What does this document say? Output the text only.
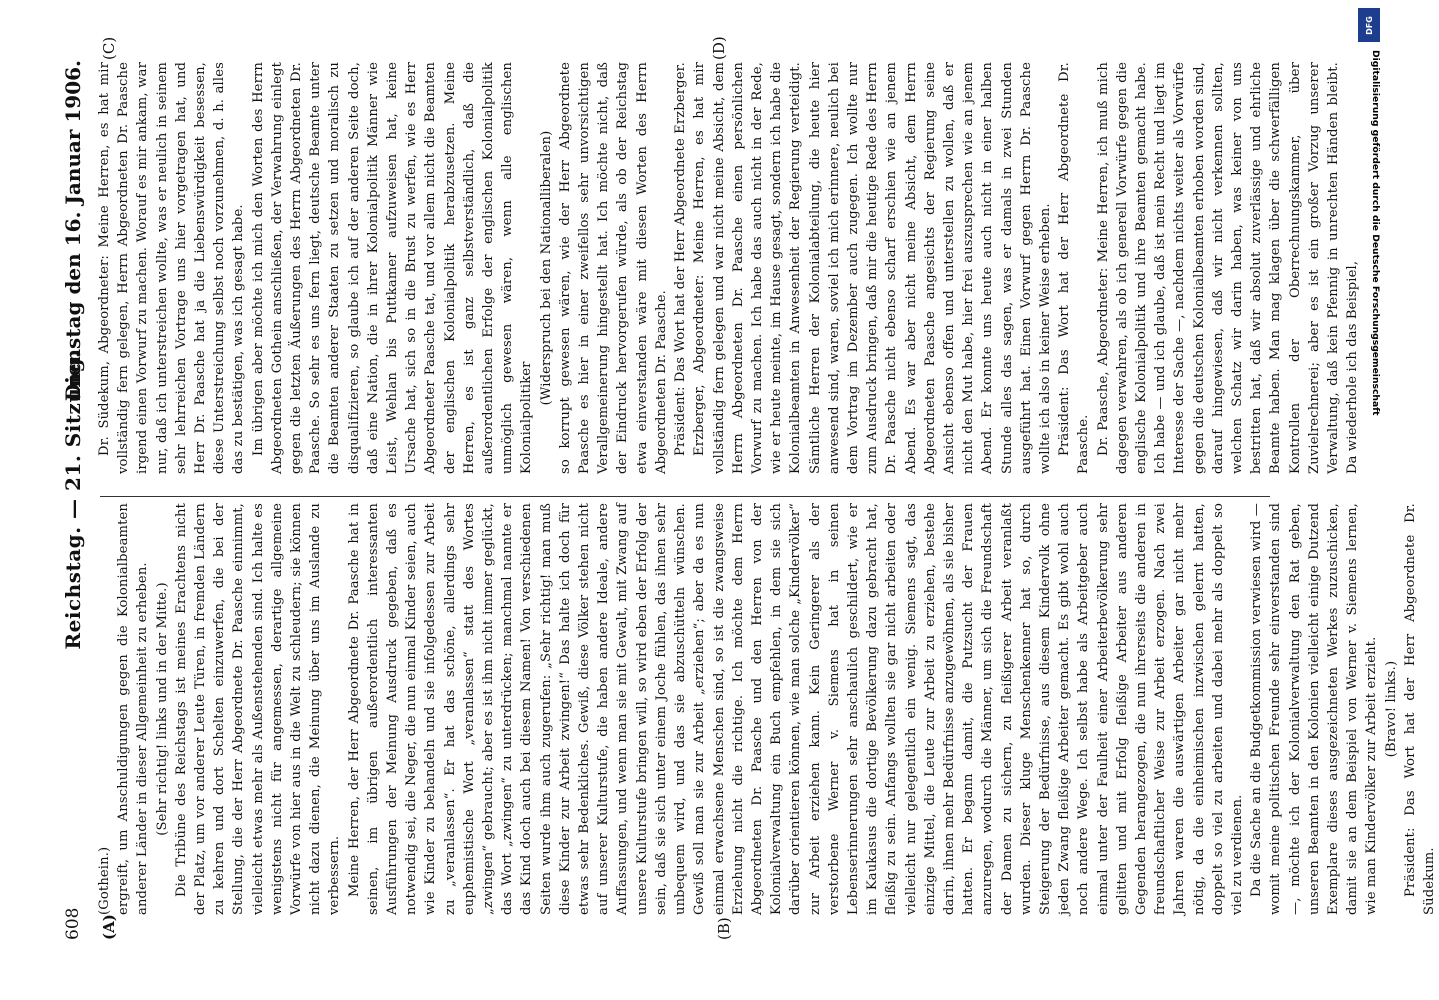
608
Reichstag. — 21. Sitzung.
Dienstag den 16. Januar 1906.
(A)	(B)
(C)	(D)

(Gothein.) ergreift, um Anschuldigungen gegen die Kolonialbeamten anderer Länder in dieser Allgemeinheit zu erheben. (Sehr richtig! links und in der Mitte.) Die Tribüne des Reichstags ist meines Erachtens nicht der Platz, um vor anderer Leute Türen, in fremden Ländern zu kehren und dort Schelten einzuwerfen, die bei der Stellung, die der Herr Abgeordnete Dr. Paasche einnimmt, vielleicht etwas mehr als Außenstehenden sind. Ich halte es wenigstens nicht für angemessen, derartige allgemeine Vorwürfe von hier aus in die Welt zu schleudern; sie können nicht dazu dienen, die Meinung über uns im Auslande zu verbessern. Meine Herren, der Herr Abgeordnete Dr. Paasche hat in seinen, im übrigen außerordentlich interessanten Ausführungen der Meinung Ausdruck gegeben, daß es notwendig sei, die Neger, die nun einmal Kinder seien, auch wie Kinder zu behandeln und sie infolgedessen zur Arbeit zu „veranlassen“. Er hat das schöne, allerdings sehr euphemistische Wort „veranlassen“ statt des Wortes „zwingen“ gebraucht; aber es ist ihm nicht immer geglückt, das Wort „zwingen“ zu unterdrücken; manchmal nannte er das Kind doch auch bei diesem Namen! Von verschiedenen Seiten wurde ihm auch zugerufen: „Sehr richtig! man muß diese Kinder zur Arbeit zwingen!“ Das halte ich doch für etwas sehr Bedenkliches. Gewiß, diese Völker stehen nicht auf unserer Kulturstufe, die haben andere Ideale, andere Auffassungen, und wenn man sie mit Gewalt, mit Zwang auf unsere Kulturstufe bringen will, so wird eben der Erfolg der sein, daß sie sich unter einem Joche fühlen, das ihnen sehr unbequem wird, und das sie abzuschütteln wünschen. Gewiß soll man sie zur Arbeit „erziehen“; aber da es nun einmal erwachsene Menschen sind, so ist die zwangsweise Erziehung nicht die richtige. Ich möchte dem Herrn Abgeordneten Dr. Paasche und den Herren von der Kolonialverwaltung ein Buch empfehlen, in dem sie sich darüber orientieren können, wie man solche „Kindervölker“ zur Arbeit erziehen kann. Kein Geringerer als der verstorbene Werner v. Siemens hat in seinen Lebenserinnerungen sehr anschaulich geschildert, wie er im Kaukasus die dortige Bevölkerung dazu gebracht hat, fleißig zu sein. Anfangs wollten sie gar nicht arbeiten oder vielleicht nur gelegentlich ein wenig. Siemens sagt, das einzige Mittel, die Leute zur Arbeit zu erziehen, bestehe darin, ihnen mehr Bedürfnisse anzugewöhnen, als sie bisher hatten. Er begann damit, die Putzsucht der Frauen anzuregen, wodurch die Männer, um sich die Freundschaft der Damen zu sichern, zu fleißigerer Arbeit veranlaßt wurden. Dieser kluge Menschenkenner hat so, durch Steigerung der Bedürfnisse, aus diesem Kindervolk ohne jeden Zwang fleißige Arbeiter gemacht. Es gibt wohl auch noch andere Wege. Ich selbst habe als Arbeitgeber auch einmal unter der Faulheit einer Arbeiterbevölkerung sehr gelitten und mit Erfolg fleißige Arbeiter aus anderen Gegenden herangezogen, die nun ihrerseits die anderen in freundschaftlicher Weise zur Arbeit erzogen. Nach zwei Jahren waren die auswärtigen Arbeiter gar nicht mehr nötig, da die einheimischen inzwischen gelernt hatten, doppelt so viel zu arbeiten und dabei mehr als doppelt so viel zu verdienen. Da die Sache an die Budgetkommission verwiesen wird — womit meine politischen Freunde sehr einverstanden sind —, möchte ich der Kolonialverwaltung den Rat geben, unseren Beamten in den Kolonien vielleicht einige Dutzend Exemplare dieses ausgezeichneten Werkes zuzuschicken, damit sie an dem Beispiel von Werner v. Siemens lernen, wie man Kindervölker zur Arbeit erzieht. (Bravo! links.) Präsident: Das Wort hat der Herr Abgeordnete Dr. Südekum.

Dr. Südekum, Abgeordneter: Meine Herren, es hat mir vollständig fern gelegen, Herrn Abgeordneten Dr. Paasche irgend einen Vorwurf zu machen. Worauf es mir ankam, war nur, daß ich unterstreichen wollte, was er neulich in seinem sehr lehrreichen Vortrage uns hier vorgetragen hat, und Herr Dr. Paasche hat ja die Liebenswürdigkeit besessen, diese Unterstreichung selbst noch vorzunehmen, d. h. alles das zu bestätigen, was ich gesagt habe. Im übrigen aber möchte ich mich den Worten des Herrn Abgeordneten Gothein anschließen, der Verwahrung einlegt gegen die letzten Äußerungen des Herrn Abgeordneten Dr. Paasche. So sehr es uns fern liegt, deutsche Beamte unter die Beamten anderer Staaten zu setzen und moralisch zu disqualifizieren, so glaube ich auf der anderen Seite doch, daß eine Nation, die in ihrer Kolonialpolitik Männer wie Leist, Wehlan bis Puttkamer aufzuweisen hat, keine Ursache hat, sich so in die Brust zu werfen, wie es Herr Abgeordneter Paasche tat, und vor allem nicht die Beamten der englischen Kolonialpolitik herabzusetzen. Meine Herren, es ist ganz selbstverständlich, daß die außerordentlichen Erfolge der englischen Kolonialpolitik unmöglich gewesen wären, wenn alle englischen Kolonialpolitiker

(Widerspruch bei den Nationalliberalen) so korrupt gewesen wären, wie der Herr Abgeordnete Paasche es hier in einer zweifellos sehr unvorsichtigen Verallgemeinerung hingestellt hat. Ich möchte nicht, daß der Eindruck hervorgerufen würde, als ob der Reichstag etwa einverstanden wäre mit diesen Worten des Herrn Abgeordneten Dr. Paasche. Präsident: Das Wort hat der Herr Abgeordnete Erzberger. Erzberger, Abgeordneter: Meine Herren, es hat mir vollständig fern gelegen und war nicht meine Absicht, dem Herrn Abgeordneten Dr. Paasche einen persönlichen Vorwurf zu machen. Ich habe das auch nicht in der Rede, wie er heute meinte, im Hause gesagt, sondern ich habe die Kolonialbeamten in Anwesenheit der Regierung verteidigt. Sämtliche Herren der Kolonialabteilung, die heute hier anwesend sind, waren, soviel ich mich erinnere, neulich bei dem Vortrag im Dezember auch zugegen. Ich wollte nur zum Ausdruck bringen, daß mir die heutige Rede des Herrn Dr. Paasche nicht ebenso scharf erschien wie an jenem Abend. Es war aber nicht meine Absicht, dem Herrn Abgeordneten Paasche angesichts der Regierung seine Ansicht ebenso offen und unterstellen zu wollen, daß er nicht den Mut habe, hier frei auszusprechen wie an jenem Abend. Er konnte uns heute auch nicht in einer halben Stunde alles das sagen, was er damals in zwei Stunden ausgeführt hat. Einen Vorwurf gegen Herrn Dr. Paasche wollte ich also in keiner Weise erheben. Präsident: Das Wort hat der Herr Abgeordnete Dr. Paasche. Dr. Paasche, Abgeordneter: Meine Herren, ich muß mich dagegen verwahren, als ob ich generell Vorwürfe gegen die englische Kolonialpolitik und ihre Beamten gemacht habe. Ich habe — und ich glaube, daß ist mein Recht und liegt im Interesse der Sache —, nachdem nichts weiter als Vorwürfe gegen die deutschen Kolonialbeamten erhoben worden sind, darauf hingewiesen, daß wir nicht verkennen sollten, welchen Schatz wir darin haben, was keiner von uns bestritten hat, daß wir absolut zuverlässige und ehrliche Beamte haben. Man mag klagen über die schwerfälligen Kontrollen der Oberrechnungskammer, über Zuvielrechnerei; aber es ist ein großer Vorzug unserer Verwaltung, daß kein Pfennig in unrechten Händen bleibt. Da wiederhole ich das Beispiel,

DFG
Digitalisierung gefördert durch die Deutsche Forschungsgemeinschaft
